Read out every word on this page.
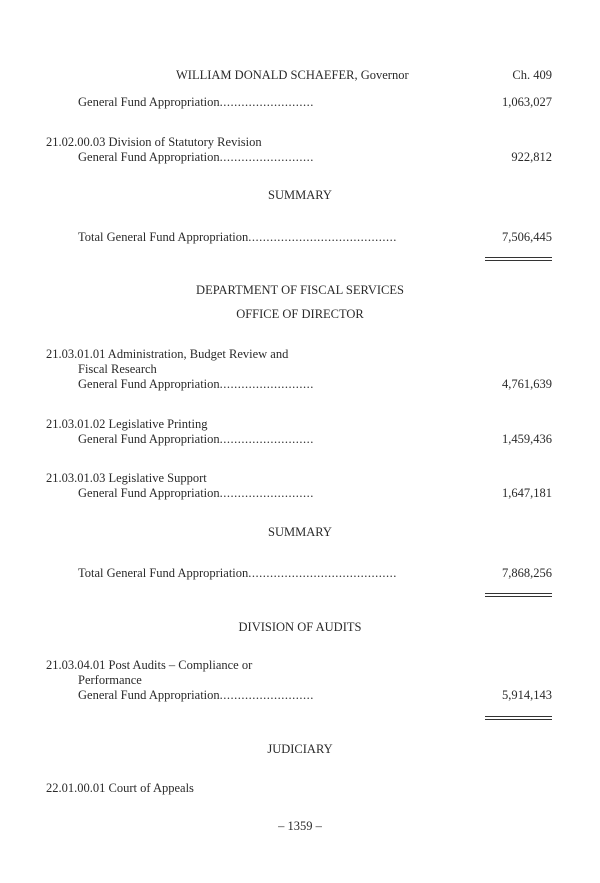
WILLIAM DONALD SCHAEFER, Governor	Ch. 409
General Fund Appropriation..........................	1,063,027
21.02.00.03 Division of Statutory Revision
General Fund Appropriation..........................	922,812
SUMMARY
Total General Fund Appropriation.........................................	7,506,445
DEPARTMENT OF FISCAL SERVICES
OFFICE OF DIRECTOR
21.03.01.01 Administration, Budget Review and
Fiscal Research
General Fund Appropriation..........................	4,761,639
21.03.01.02 Legislative Printing
General Fund Appropriation..........................	1,459,436
21.03.01.03 Legislative Support
General Fund Appropriation..........................	1,647,181
SUMMARY
Total General Fund Appropriation.........................................	7,868,256
DIVISION OF AUDITS
21.03.04.01 Post Audits – Compliance or
Performance
General Fund Appropriation..........................	5,914,143
JUDICIARY
22.01.00.01 Court of Appeals
– 1359 –
